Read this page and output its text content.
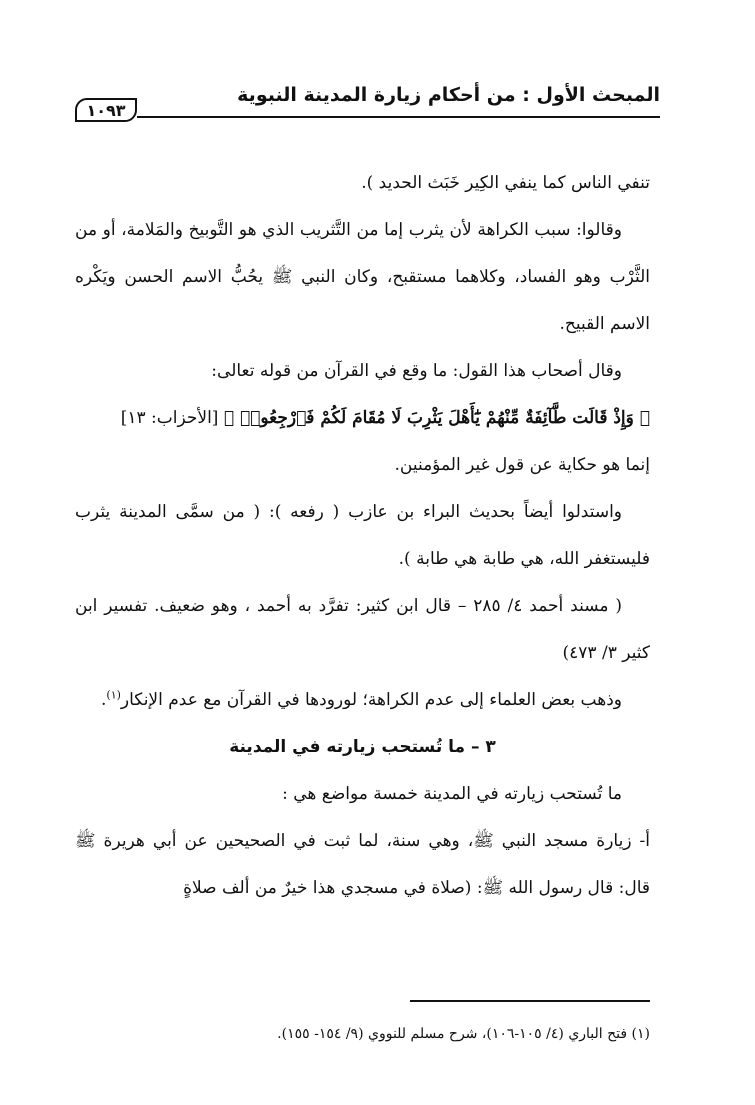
المبحث الأول : من أحكام زيارة المدينة النبوية
١٠٩٣

تنفي الناس كما ينفي الكِير خَبَث الحديد ).

وقالوا: سبب الكراهة لأن يثرب إما من التَّثريب الذي هو التَّوبيخ والمَلامة، أو من الثَّرْب وهو الفساد، وكلاهما مستقبح، وكان النبي ﷺ يحُبُّ الاسم الحسن ويَكْره الاسم القبيح.

وقال أصحاب هذا القول: ما وقع في القرآن من قوله تعالى:

﴿ وَإِذْ قَالَت طَّآئِفَةٌ مِّنْهُمْ يَٰٓأَهْلَ يَثْرِبَ لَا مُقَامَ لَكُمْ فَٱرْجِعُوا۟ ﴾ [الأحزاب: ١٣]

إنما هو حكاية عن قول غير المؤمنين.

واستدلوا أيضاً بحديث البراء بن عازب ( رفعه ): ( من سمَّى المدينة يثرب فليستغفر الله، هي طابة هي طابة ).

( مسند أحمد ٤/ ٢٨٥ – قال ابن كثير: تفرَّد به أحمد ، وهو ضعيف. تفسير ابن كثير ٣/ ٤٧٣)

وذهب بعض العلماء إلى عدم الكراهة؛ لورودها في القرآن مع عدم الإنكار$^{(١)}$.

٣ – ما تُستحب زيارته في المدينة

ما تُستحب زيارته في المدينة خمسة مواضع هي :

أ- زيارة مسجد النبي ﷺ، وهي سنة، لما ثبت في الصحيحين عن أبي هريرة ﷺ قال: قال رسول الله ﷺ: (صلاة في مسجدي هذا خيرٌ من ألف صلاةٍ

(١) فتح الباري (٤/ ١٠٥-١٠٦)، شرح مسلم للنووي (٩/ ١٥٤- ١٥٥).
